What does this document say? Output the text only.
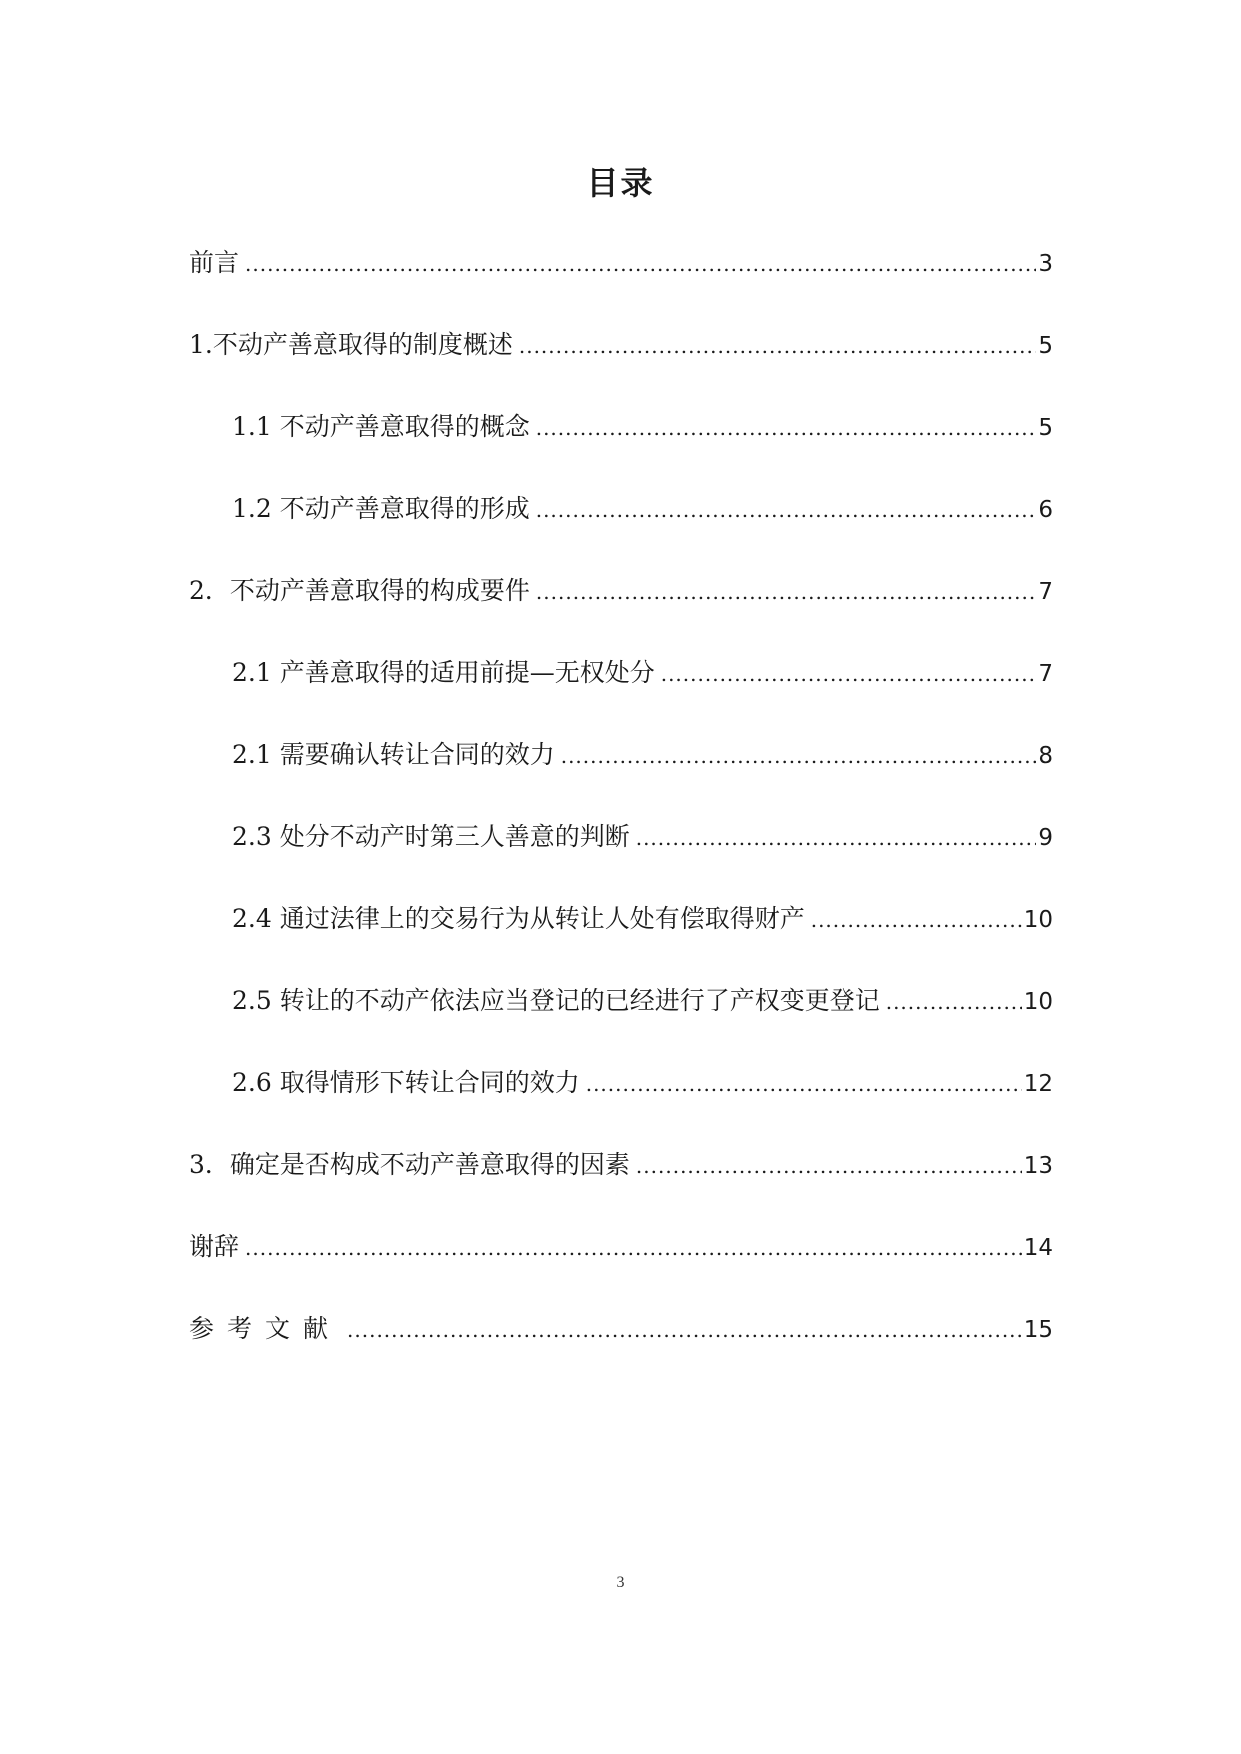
目录
前言 .....	3
1.不动产善意取得的制度概述 .....	5
1.1 不动产善意取得的概念 .....	5
1.2 不动产善意取得的形成 .....	6
2．不动产善意取得的构成要件 .....	7
2.1 产善意取得的适用前提—无权处分 .....	7
2.1 需要确认转让合同的效力 .....	8
2.3 处分不动产时第三人善意的判断 .....	9
2.4 通过法律上的交易行为从转让人处有偿取得财产 .....	10
2.5 转让的不动产依法应当登记的已经进行了产权变更登记 .....	10
2.6 取得情形下转让合同的效力 .....	12
3．确定是否构成不动产善意取得的因素 .....	13
谢辞 .....	14
参考文献 .....	15
3
